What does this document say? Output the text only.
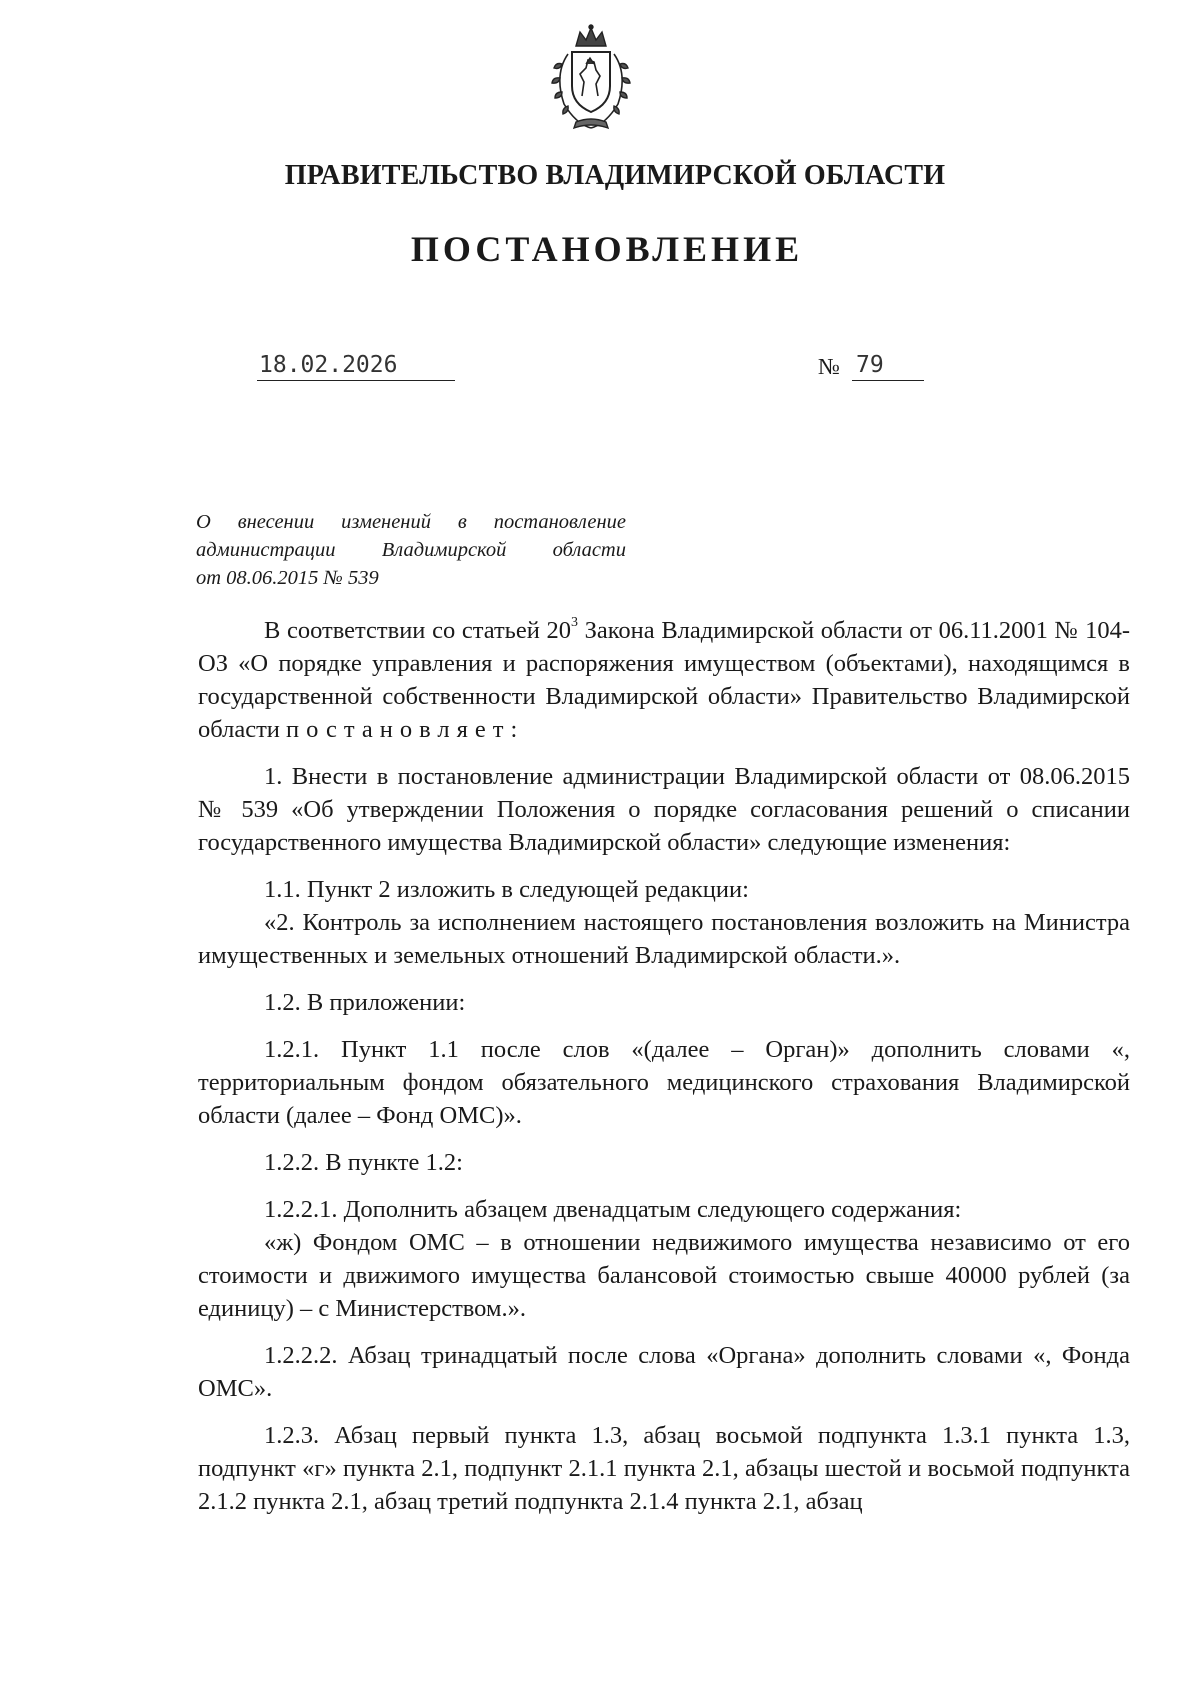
ПРАВИТЕЛЬСТВО ВЛАДИМИРСКОЙ ОБЛАСТИ
ПОСТАНОВЛЕНИЕ
18.02.2026	№ 79
О внесении изменений в постановление
администрации Владимирской области
от 08.06.2015 № 539

В соответствии со статьей $20^3$ Закона Владимирской области от 06.11.2001 № 104-ОЗ «О порядке управления и распоряжения имуществом (объектами), находящимся в государственной собственности Владимирской области» Правительство Владимирской области постановляет:

1. Внести в постановление администрации Владимирской области от 08.06.2015 № 539 «Об утверждении Положения о порядке согласования решений о списании государственного имущества Владимирской области» следующие изменения:

1.1. Пункт 2 изложить в следующей редакции:

«2. Контроль за исполнением настоящего постановления возложить на Министра имущественных и земельных отношений Владимирской области.».

1.2. В приложении:

1.2.1. Пункт 1.1 после слов «(далее – Орган)» дополнить словами «, территориальным фондом обязательного медицинского страхования Владимирской области (далее – Фонд ОМС)».

1.2.2. В пункте 1.2:

1.2.2.1. Дополнить абзацем двенадцатым следующего содержания:

«ж) Фондом ОМС – в отношении недвижимого имущества независимо от его стоимости и движимого имущества балансовой стоимостью свыше 40000 рублей (за единицу) – с Министерством.».

1.2.2.2. Абзац тринадцатый после слова «Органа» дополнить словами «, Фонда ОМС».

1.2.3. Абзац первый пункта 1.3, абзац восьмой подпункта 1.3.1 пункта 1.3, подпункт «г» пункта 2.1, подпункт 2.1.1 пункта 2.1, абзацы шестой и восьмой подпункта 2.1.2 пункта 2.1, абзац третий подпункта 2.1.4 пункта 2.1, абзац
